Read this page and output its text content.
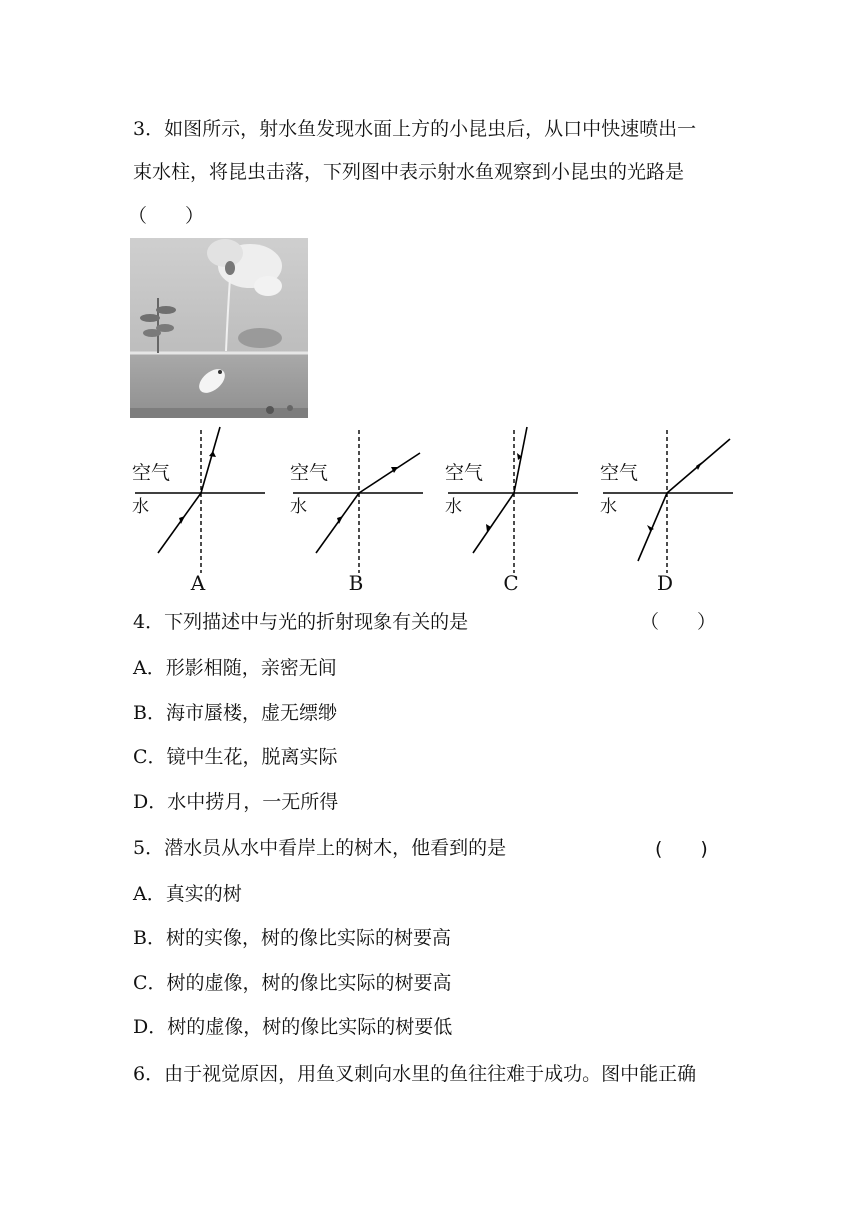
3．如图所示，射水鱼发现水面上方的小昆虫后，从口中快速喷出一
束水柱，将昆虫击落，下列图中表示射水鱼观察到小昆虫的光路是
（　　）
空气
水
A
空气
水
B
空气
水
C
空气
水
D
4．下列描述中与光的折射现象有关的是	（　　）
A．形影相随，亲密无间
B．海市蜃楼，虚无缥缈
C．镜中生花，脱离实际
D．水中捞月，一无所得
5．潜水员从水中看岸上的树木，他看到的是	(　　)
A．真实的树
B．树的实像，树的像比实际的树要高
C．树的虚像，树的像比实际的树要高
D．树的虚像，树的像比实际的树要低
6．由于视觉原因，用鱼叉刺向水里的鱼往往难于成功。图中能正确
